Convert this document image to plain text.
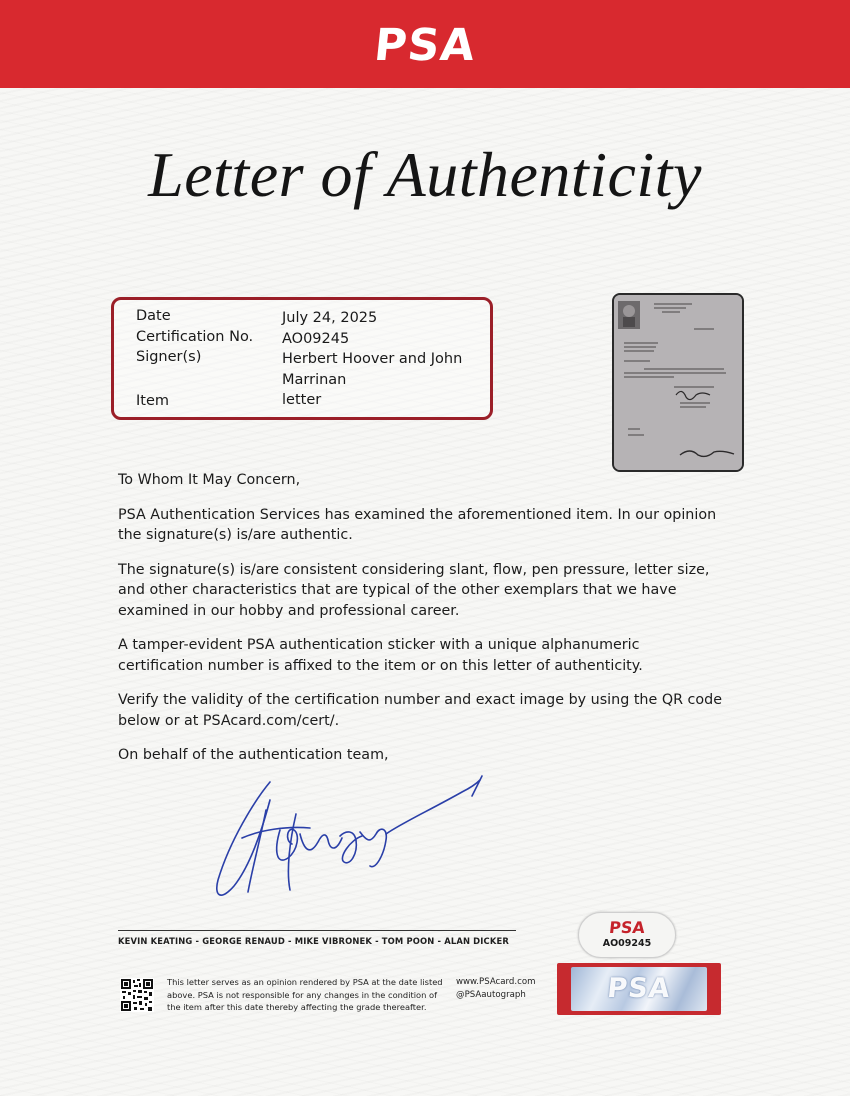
PSA
Letter of Authenticity
Date	July 24, 2025
Certification No.	AO09245
Signer(s)	Herbert Hoover and John Marrinan
Item	letter

To Whom It May Concern,

PSA Authentication Services has examined the aforementioned item. In our opinion the signature(s) is/are authentic.

The signature(s) is/are consistent considering slant, flow, pen pressure, letter size, and other characteristics that are typical of the other exemplars that we have examined in our hobby and professional career.

A tamper-evident PSA authentication sticker with a unique alphanumeric certification number is affixed to the item or on this letter of authenticity.

Verify the validity of the certification number and exact image by using the QR code below or at PSAcard.com/cert/.

On behalf of the authentication team,

KEVIN KEATING - GEORGE RENAUD - MIKE VIBRONEK - TOM POON - ALAN DICKER
This letter serves as an opinion rendered by PSA at the date listed above. PSA is not responsible for any changes in the condition of the item after this date thereby affecting the grade thereafter.
www.PSAcard.com
@PSAautograph
PSA
AO09245
PSA
